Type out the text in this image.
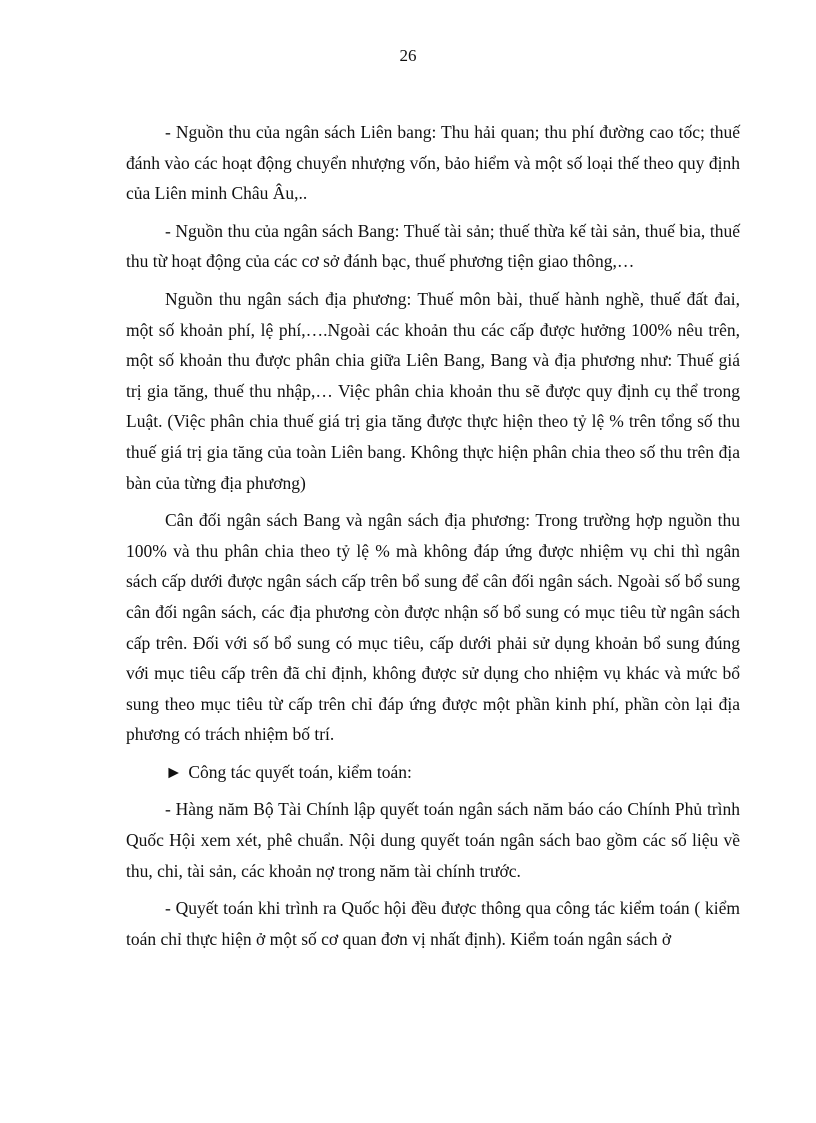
26

- Nguồn thu của ngân sách Liên bang: Thu hải quan; thu phí đường cao tốc; thuế đánh vào các hoạt động chuyển nhượng vốn, bảo hiểm và một số loại thế theo quy định của Liên minh Châu Âu,..

- Nguồn thu của ngân sách Bang: Thuế tài sản; thuế thừa kế tài sản, thuế bia, thuế thu từ hoạt động của các cơ sở đánh bạc, thuế phương tiện giao thông,…

Nguồn thu ngân sách địa phương: Thuế môn bài, thuế hành nghề, thuế đất đai, một số khoản phí, lệ phí,….Ngoài các khoản thu các cấp được hưởng 100% nêu trên, một số khoản thu được phân chia giữa Liên Bang, Bang và địa phương như: Thuế giá trị gia tăng, thuế thu nhập,… Việc phân chia khoản thu sẽ được quy định cụ thể trong Luật. (Việc phân chia thuế giá trị gia tăng được thực hiện theo tỷ lệ % trên tổng số thu thuế giá trị gia tăng của toàn Liên bang. Không thực hiện phân chia theo số thu trên địa bàn của từng địa phương)

Cân đối ngân sách Bang và ngân sách địa phương: Trong trường hợp nguồn thu 100% và thu phân chia theo tỷ lệ % mà không đáp ứng được nhiệm vụ chi thì ngân sách cấp dưới được ngân sách cấp trên bổ sung để cân đối ngân sách. Ngoài số bổ sung cân đối ngân sách, các địa phương còn được nhận số bổ sung có mục tiêu từ ngân sách cấp trên. Đối với số bổ sung có mục tiêu, cấp dưới phải sử dụng khoản bổ sung đúng với mục tiêu cấp trên đã chỉ định, không được sử dụng cho nhiệm vụ khác và mức bổ sung theo mục tiêu từ cấp trên chỉ đáp ứng được một phần kinh phí, phần còn lại địa phương có trách nhiệm bố trí.

► Công tác quyết toán, kiểm toán:

- Hàng năm Bộ Tài Chính lập quyết toán ngân sách năm báo cáo Chính Phủ trình Quốc Hội xem xét, phê chuẩn. Nội dung quyết toán ngân sách bao gồm các số liệu về thu, chi, tài sản, các khoản nợ trong năm tài chính trước.

- Quyết toán khi trình ra Quốc hội đều được thông qua công tác kiểm toán ( kiểm toán chỉ thực hiện ở một số cơ quan đơn vị nhất định). Kiểm toán ngân sách ở
